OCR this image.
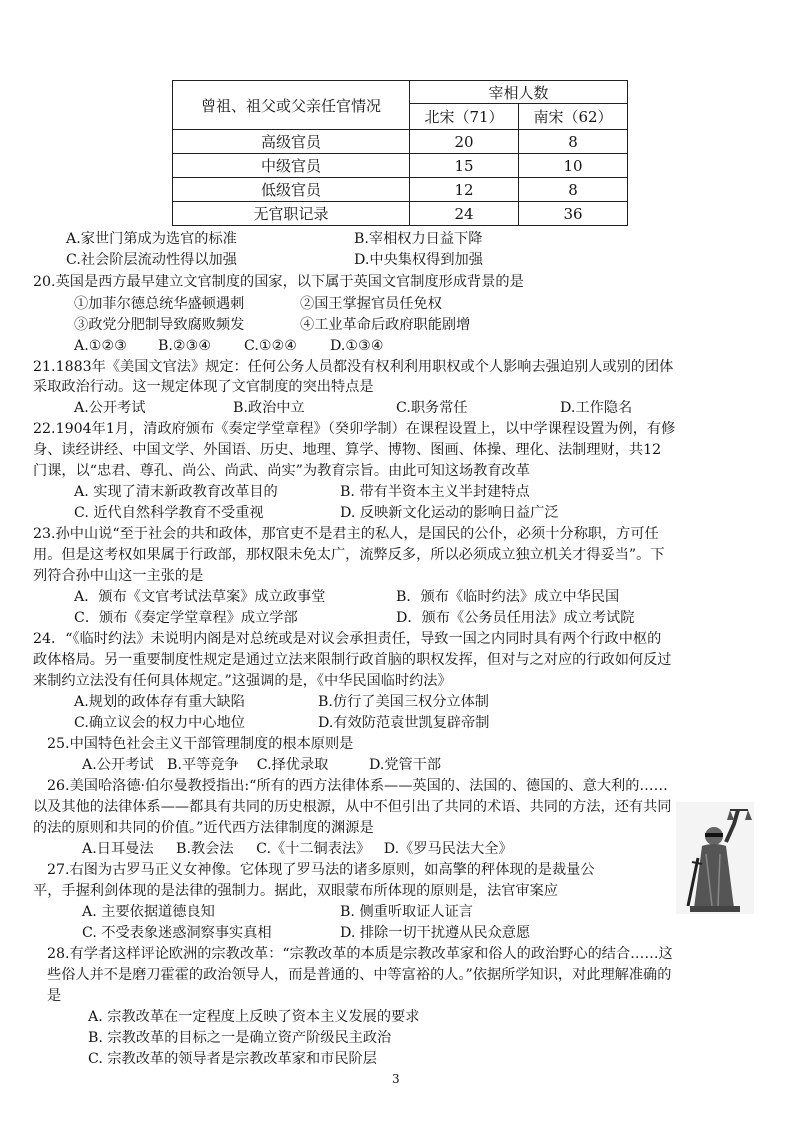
曾祖、祖父或父亲任官情况	宰相人数	
	北宋（71）	南宋（62）
高级官员	20	8
中级官员	15	10
低级官员	12	8
无官职记录	24	36
A.家世门第成为选官的标准	B.宰相权力日益下降
C.社会阶层流动性得以加强	D.中央集权得到加强
20.英国是西方最早建立文官制度的国家，以下属于英国文官制度形成背景的是
①加菲尔德总统华盛顿遇刺	②国王掌握官员任免权
③政党分肥制导致腐败频发	④工业革命后政府职能剧增
A.①②③ B.②③④ C.①②④ D.①③④
21.1883年《美国文官法》规定：任何公务人员都没有权利利用职权或个人影响去强迫别人或别的团体
采取政治行动。这一规定体现了文官制度的突出特点是
A.公开考试	B.政治中立	C.职务常任	D.工作隐名
22.1904年1月，清政府颁布《奏定学堂章程》（癸卯学制）在课程设置上，以中学课程设置为例，有修
身、读经讲经、中国文学、外国语、历史、地理、算学、博物、图画、体操、理化、法制理财，共12
门课，以“忠君、尊孔、尚公、尚武、尚实”为教育宗旨。由此可知这场教育改革
A. 实现了清末新政教育改革目的	B. 带有半资本主义半封建特点
C. 近代自然科学教育不受重视	D. 反映新文化运动的影响日益广泛
23.孙中山说“至于社会的共和政体，那官吏不是君主的私人，是国民的公仆，必须十分称职，方可任
用。但是这考权如果属于行政部，那权限未免太广，流弊反多，所以必须成立独立机关才得妥当”。下
列符合孙中山这一主张的是
A．颁布《文官考试法草案》成立政事堂	B．颁布《临时约法》成立中华民国
C．颁布《奏定学堂章程》成立学部	D．颁布《公务员任用法》成立考试院
24．“《临时约法》未说明内阁是对总统或是对议会承担责任，导致一国之内同时具有两个行政中枢的
政体格局。另一重要制度性规定是通过立法来限制行政首脑的职权发挥，但对与之对应的行政如何反过
来制约立法没有任何具体规定。”这强调的是，《中华民国临时约法》
A.规划的政体存有重大缺陷	B.仿行了美国三权分立体制
C.确立议会的权力中心地位	D.有效防范袁世凯复辟帝制
25.中国特色社会主义干部管理制度的根本原则是
A.公开考试   B.平等竞争    C.择优录取         D.党管干部
26.美国哈洛德·伯尔曼教授指出:“所有的西方法律体系——英国的、法国的、德国的、意大利的……
以及其他的法律体系——都具有共同的历史根源，从中不但引出了共同的术语、共同的方法，还有共同
的法的原则和共同的价值。”近代西方法律制度的渊源是
A.日耳曼法     B.教会法     C.《十二铜表法》   D.《罗马民法大全》
27.右图为古罗马正义女神像。它体现了罗马法的诸多原则，如高擎的秤体现的是裁量公
平，手握利剑体现的是法律的强制力。据此，双眼蒙布所体现的原则是，法官审案应
A. 主要依据道德良知	B. 侧重听取证人证言
C. 不受表象迷惑洞察事实真相	D. 排除一切干扰遵从民众意愿
28.有学者这样评论欧洲的宗教改革：“宗教改革的本质是宗教改革家和俗人的政治野心的结合……这
些俗人并不是磨刀霍霍的政治领导人，而是普通的、中等富裕的人。”依据所学知识，对此理解准确的
是
A. 宗教改革在一定程度上反映了资本主义发展的要求
B. 宗教改革的目标之一是确立资产阶级民主政治
C. 宗教改革的领导者是宗教改革家和市民阶层
3
